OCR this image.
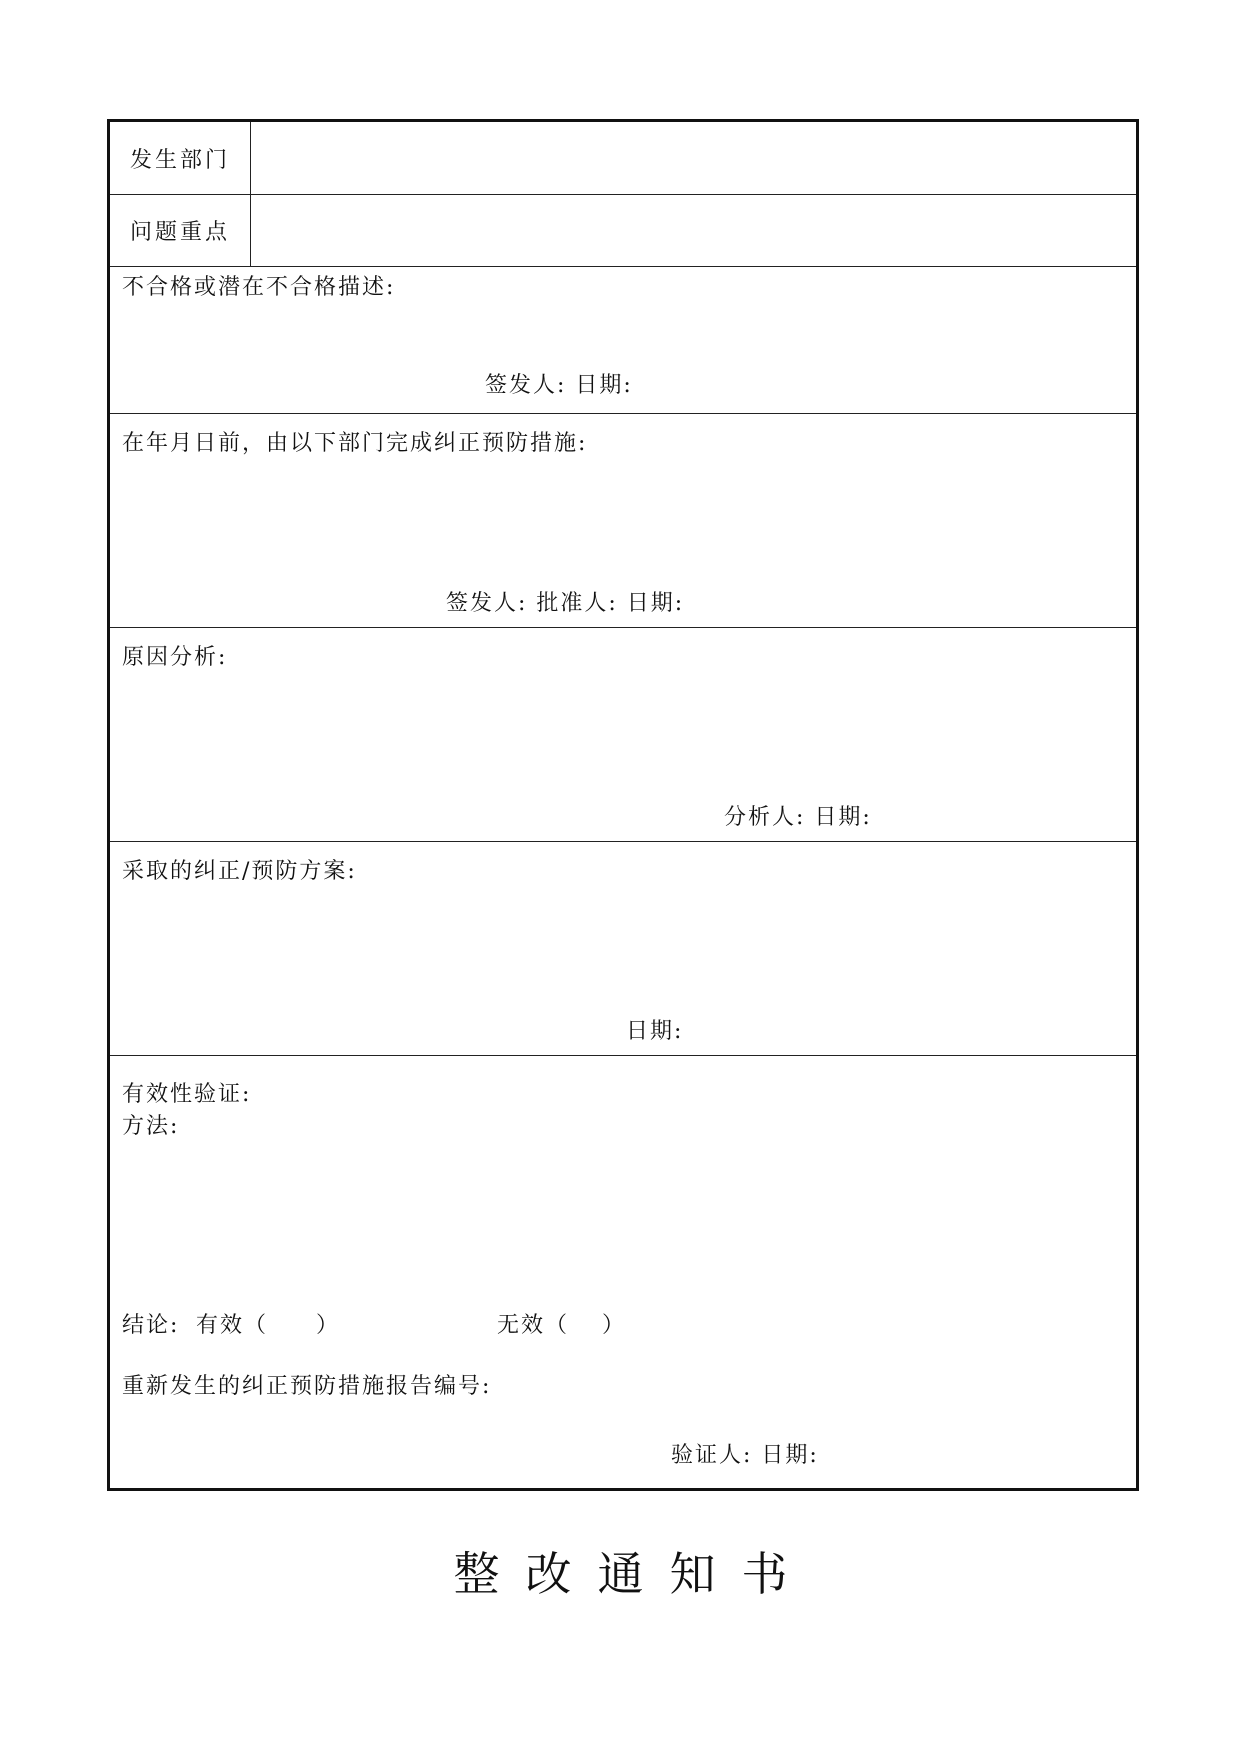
发生部门
问题重点
不合格或潜在不合格描述:
签发人: 日期:
在年月日前，由以下部门完成纠正预防措施:
签发人: 批准人: 日期:
原因分析:
分析人: 日期:
采取的纠正/预防方案:
日期:
有效性验证:
方法:
结论: 有效（　　）	无效（　 ）
重新发生的纠正预防措施报告编号:
验证人: 日期:
整改通知书
